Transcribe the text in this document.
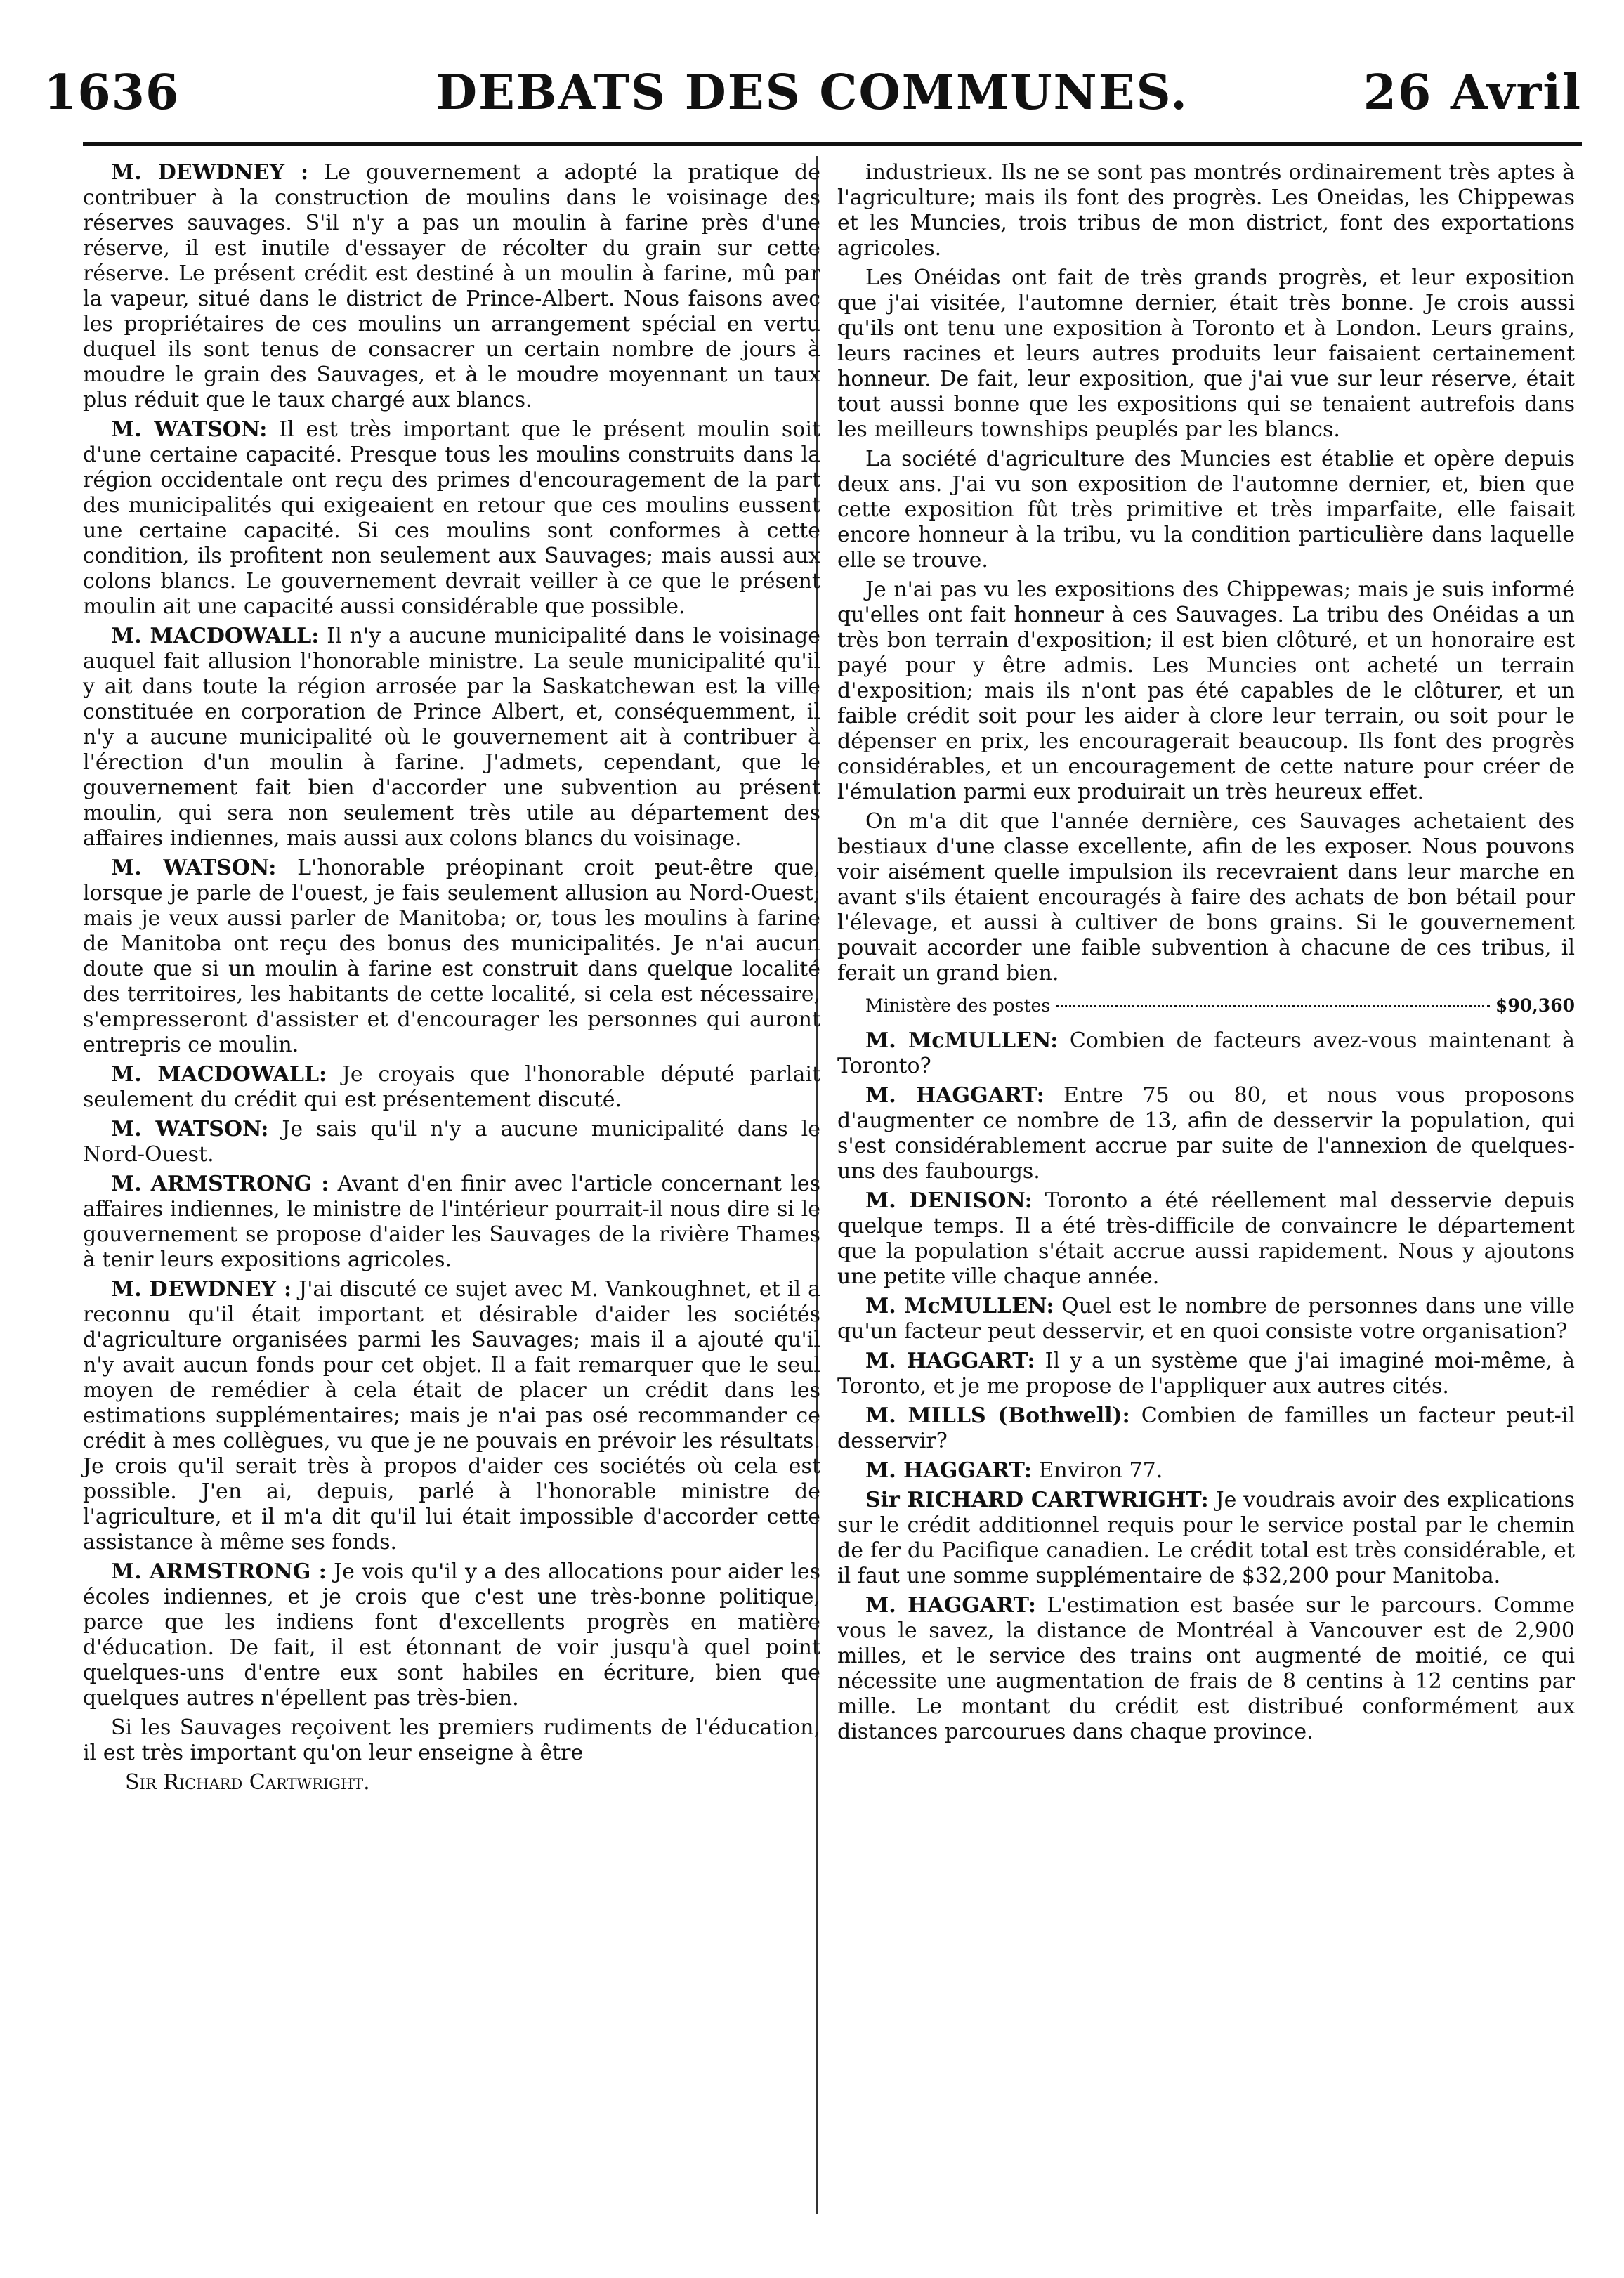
1636	DEBATS DES COMMUNES.	26 Avril

M. DEWDNEY : Le gouvernement a adopté la pratique de contribuer à la construction de moulins dans le voisinage des réserves sauvages. S'il n'y a pas un moulin à farine près d'une réserve, il est inutile d'essayer de récolter du grain sur cette réserve. Le présent crédit est destiné à un moulin à farine, mû par la vapeur, situé dans le district de Prince-Albert. Nous faisons avec les propriétaires de ces moulins un arrangement spécial en vertu duquel ils sont tenus de consacrer un certain nombre de jours à moudre le grain des Sauvages, et à le moudre moyennant un taux plus réduit que le taux chargé aux blancs.

M. WATSON: Il est très important que le présent moulin soit d'une certaine capacité. Presque tous les moulins construits dans la région occidentale ont reçu des primes d'encouragement de la part des municipalités qui exigeaient en retour que ces moulins eussent une certaine capacité. Si ces moulins sont conformes à cette condition, ils profitent non seulement aux Sauvages; mais aussi aux colons blancs. Le gouvernement devrait veiller à ce que le présent moulin ait une capacité aussi considérable que possible.

M. MACDOWALL: Il n'y a aucune municipalité dans le voisinage auquel fait allusion l'honorable ministre. La seule municipalité qu'il y ait dans toute la région arrosée par la Saskatchewan est la ville constituée en corporation de Prince Albert, et, conséquemment, il n'y a aucune municipalité où le gouvernement ait à contribuer à l'érection d'un moulin à farine. J'admets, cependant, que le gouvernement fait bien d'accorder une subvention au présent moulin, qui sera non seulement très utile au département des affaires indiennes, mais aussi aux colons blancs du voisinage.

M. WATSON: L'honorable préopinant croit peut-être que, lorsque je parle de l'ouest, je fais seulement allusion au Nord-Ouest; mais je veux aussi parler de Manitoba; or, tous les moulins à farine de Manitoba ont reçu des bonus des municipalités. Je n'ai aucun doute que si un moulin à farine est construit dans quelque localité des territoires, les habitants de cette localité, si cela est nécessaire, s'empresseront d'assister et d'encourager les personnes qui auront entrepris ce moulin.

M. MACDOWALL: Je croyais que l'honorable député parlait seulement du crédit qui est présentement discuté.

M. WATSON: Je sais qu'il n'y a aucune municipalité dans le Nord-Ouest.

M. ARMSTRONG : Avant d'en finir avec l'article concernant les affaires indiennes, le ministre de l'intérieur pourrait-il nous dire si le gouvernement se propose d'aider les Sauvages de la rivière Thames à tenir leurs expositions agricoles.

M. DEWDNEY : J'ai discuté ce sujet avec M. Vankoughnet, et il a reconnu qu'il était important et désirable d'aider les sociétés d'agriculture organisées parmi les Sauvages; mais il a ajouté qu'il n'y avait aucun fonds pour cet objet. Il a fait remarquer que le seul moyen de remédier à cela était de placer un crédit dans les estimations supplémentaires; mais je n'ai pas osé recommander ce crédit à mes collègues, vu que je ne pouvais en prévoir les résultats. Je crois qu'il serait très à propos d'aider ces sociétés où cela est possible. J'en ai, depuis, parlé à l'honorable ministre de l'agriculture, et il m'a dit qu'il lui était impossible d'accorder cette assistance à même ses fonds.

M. ARMSTRONG : Je vois qu'il y a des allocations pour aider les écoles indiennes, et je crois que c'est une très-bonne politique, parce que les indiens font d'excellents progrès en matière d'éducation. De fait, il est étonnant de voir jusqu'à quel point quelques-uns d'entre eux sont habiles en écriture, bien que quelques autres n'épellent pas très-bien.

Si les Sauvages reçoivent les premiers rudiments de l'éducation, il est très important qu'on leur enseigne à être

Sir Richard Cartwright.

industrieux. Ils ne se sont pas montrés ordinairement très aptes à l'agriculture; mais ils font des progrès. Les Oneidas, les Chippewas et les Muncies, trois tribus de mon district, font des exportations agricoles.

Les Onéidas ont fait de très grands progrès, et leur exposition que j'ai visitée, l'automne dernier, était très bonne. Je crois aussi qu'ils ont tenu une exposition à Toronto et à London. Leurs grains, leurs racines et leurs autres produits leur faisaient certainement honneur. De fait, leur exposition, que j'ai vue sur leur réserve, était tout aussi bonne que les expositions qui se tenaient autrefois dans les meilleurs townships peuplés par les blancs.

La société d'agriculture des Muncies est établie et opère depuis deux ans. J'ai vu son exposition de l'automne dernier, et, bien que cette exposition fût très primitive et très imparfaite, elle faisait encore honneur à la tribu, vu la condition particulière dans laquelle elle se trouve.

Je n'ai pas vu les expositions des Chippewas; mais je suis informé qu'elles ont fait honneur à ces Sauvages. La tribu des Onéidas a un très bon terrain d'exposition; il est bien clôturé, et un honoraire est payé pour y être admis. Les Muncies ont acheté un terrain d'exposition; mais ils n'ont pas été capables de le clôturer, et un faible crédit soit pour les aider à clore leur terrain, ou soit pour le dépenser en prix, les encouragerait beaucoup. Ils font des progrès considérables, et un encouragement de cette nature pour créer de l'émulation parmi eux produirait un très heureux effet.

On m'a dit que l'année dernière, ces Sauvages achetaient des bestiaux d'une classe excellente, afin de les exposer. Nous pouvons voir aisément quelle impulsion ils recevraient dans leur marche en avant s'ils étaient encouragés à faire des achats de bon bétail pour l'élevage, et aussi à cultiver de bons grains. Si le gouvernement pouvait accorder une faible subvention à chacune de ces tribus, il ferait un grand bien.

Ministère des postes	$90,360

M. McMULLEN: Combien de facteurs avez-vous maintenant à Toronto?

M. HAGGART: Entre 75 ou 80, et nous vous proposons d'augmenter ce nombre de 13, afin de desservir la population, qui s'est considérablement accrue par suite de l'annexion de quelques-uns des faubourgs.

M. DENISON: Toronto a été réellement mal desservie depuis quelque temps. Il a été très-difficile de convaincre le département que la population s'était accrue aussi rapidement. Nous y ajoutons une petite ville chaque année.

M. McMULLEN: Quel est le nombre de personnes dans une ville qu'un facteur peut desservir, et en quoi consiste votre organisation?

M. HAGGART: Il y a un système que j'ai imaginé moi-même, à Toronto, et je me propose de l'appliquer aux autres cités.

M. MILLS (Bothwell): Combien de familles un facteur peut-il desservir?

M. HAGGART: Environ 77.

Sir RICHARD CARTWRIGHT: Je voudrais avoir des explications sur le crédit additionnel requis pour le service postal par le chemin de fer du Pacifique canadien. Le crédit total est très considérable, et il faut une somme supplémentaire de $32,200 pour Manitoba.

M. HAGGART: L'estimation est basée sur le parcours. Comme vous le savez, la distance de Montréal à Vancouver est de 2,900 milles, et le service des trains ont augmenté de moitié, ce qui nécessite une augmentation de frais de 8 centins à 12 centins par mille. Le montant du crédit est distribué conformément aux distances parcourues dans chaque province.
